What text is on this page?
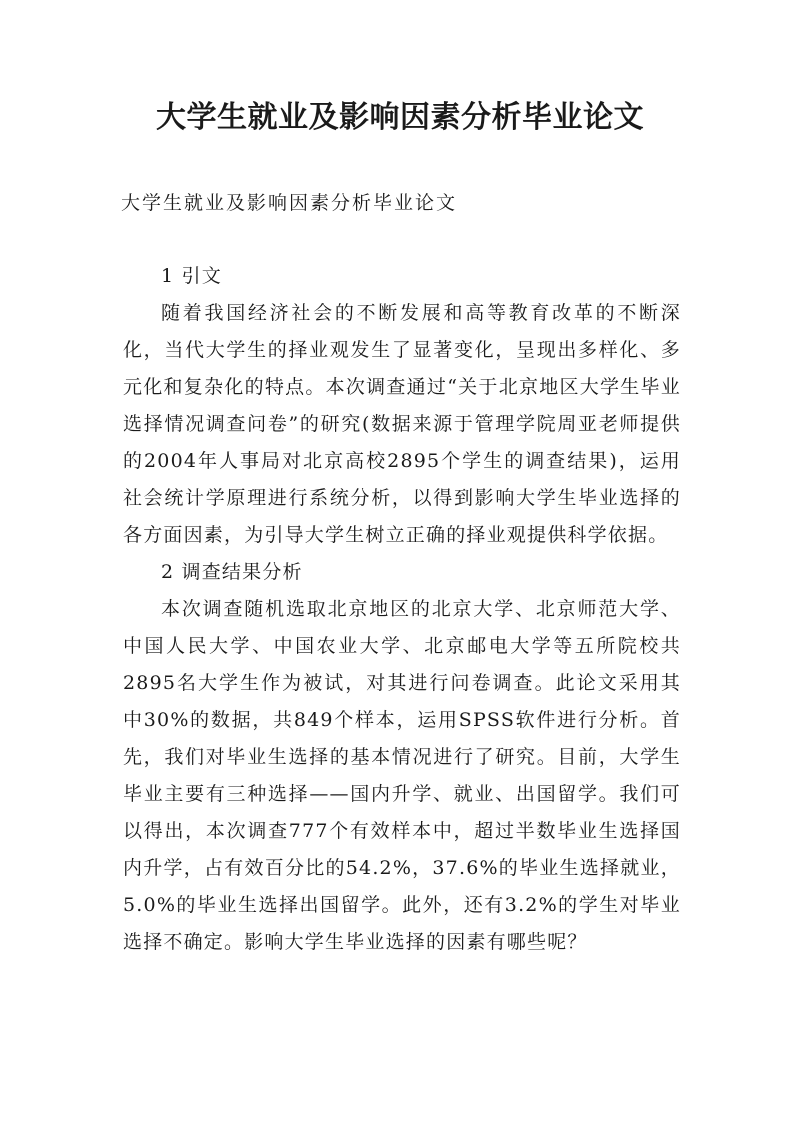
大学生就业及影响因素分析毕业论文
大学生就业及影响因素分析毕业论文

1 引文

随着我国经济社会的不断发展和高等教育改革的不断深化，当代大学生的择业观发生了显著变化，呈现出多样化、多元化和复杂化的特点。本次调查通过“关于北京地区大学生毕业选择情况调查问卷”的研究(数据来源于管理学院周亚老师提供的2004年人事局对北京高校2895个学生的调查结果)，运用社会统计学原理进行系统分析，以得到影响大学生毕业选择的各方面因素，为引导大学生树立正确的择业观提供科学依据。

2 调查结果分析

本次调查随机选取北京地区的北京大学、北京师范大学、中国人民大学、中国农业大学、北京邮电大学等五所院校共2895名大学生作为被试，对其进行问卷调查。此论文采用其中30%的数据，共849个样本，运用SPSS软件进行分析。首先，我们对毕业生选择的基本情况进行了研究。目前，大学生毕业主要有三种选择——国内升学、就业、出国留学。我们可以得出，本次调查777个有效样本中，超过半数毕业生选择国内升学，占有效百分比的54.2%，37.6%的毕业生选择就业，5.0%的毕业生选择出国留学。此外，还有3.2%的学生对毕业选择不确定。影响大学生毕业选择的因素有哪些呢？
